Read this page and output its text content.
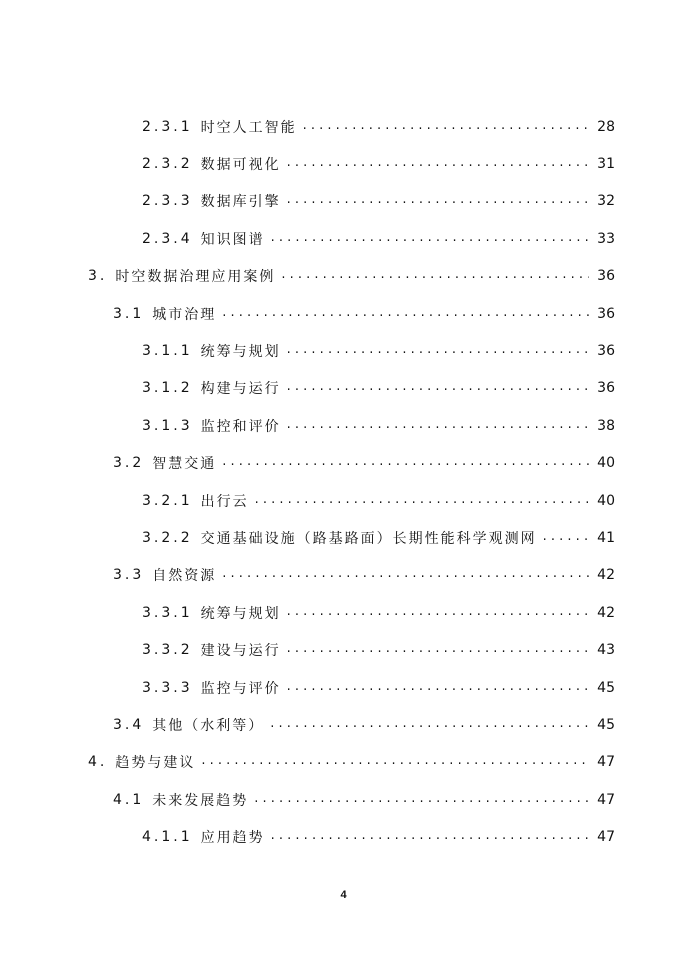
2.3.1 时空人工智能 . . .	28
2.3.2 数据可视化 . . .	31
2.3.3 数据库引擎 . . .	32
2.3.4 知识图谱 . . .	33
3. 时空数据治理应用案例 . . .	36
3.1 城市治理 . . .	36
3.1.1 统筹与规划 . . .	36
3.1.2 构建与运行 . . .	36
3.1.3 监控和评价 . . .	38
3.2 智慧交通 . . .	40
3.2.1 出行云 . . .	40
3.2.2 交通基础设施（路基路面）长期性能科学观测网 . . .	41
3.3 自然资源 . . .	42
3.3.1 统筹与规划 . . .	42
3.3.2 建设与运行 . . .	43
3.3.3 监控与评价 . . .	45
3.4 其他（水利等） . . .	45
4. 趋势与建议 . . .	47
4.1 未来发展趋势 . . .	47
4.1.1 应用趋势 . . .	47
4
